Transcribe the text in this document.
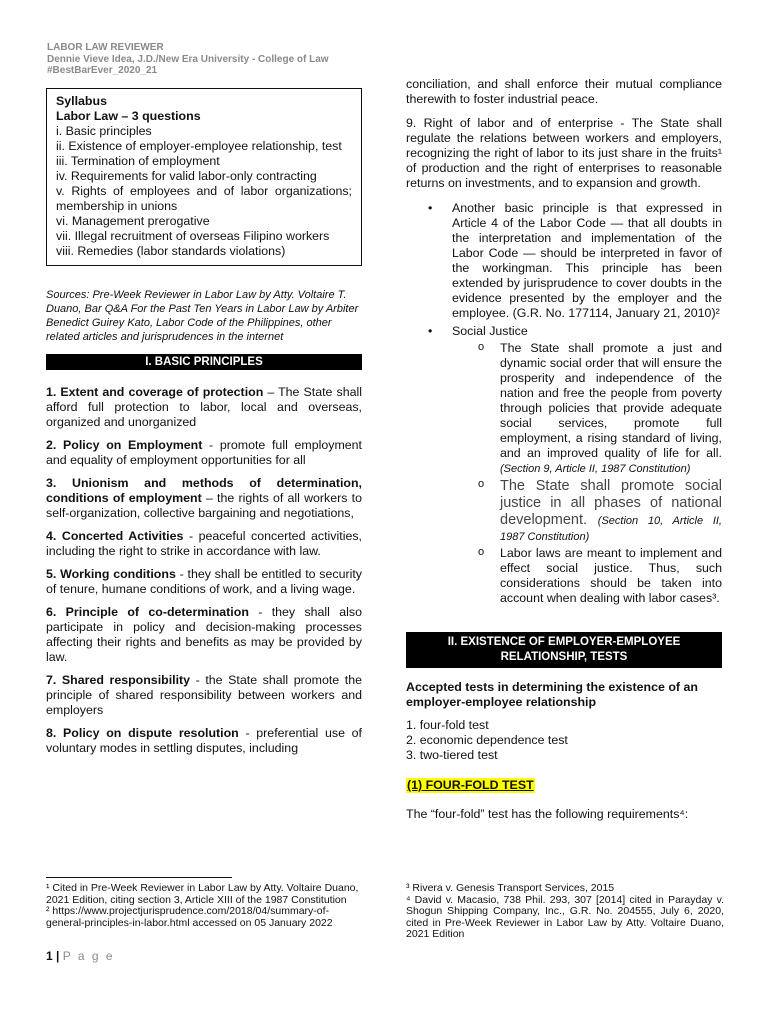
LABOR LAW REVIEWER
Dennie Vieve Idea, J.D./New Era University - College of Law
#BestBarEver_2020_21
Syllabus
Labor Law – 3 questions
i. Basic principles
ii. Existence of employer-employee relationship, test
iii. Termination of employment
iv. Requirements for valid labor-only contracting
v. Rights of employees and of labor organizations; membership in unions
vi. Management prerogative
vii. Illegal recruitment of overseas Filipino workers
viii. Remedies (labor standards violations)
Sources: Pre-Week Reviewer in Labor Law by Atty. Voltaire T. Duano, Bar Q&A For the Past Ten Years in Labor Law by Arbiter Benedict Guirey Kato, Labor Code of the Philippines, other related articles and jurisprudences in the internet
I. BASIC PRINCIPLES
1. Extent and coverage of protection – The State shall afford full protection to labor, local and overseas, organized and unorganized
2. Policy on Employment - promote full employment and equality of employment opportunities for all
3. Unionism and methods of determination, conditions of employment – the rights of all workers to self-organization, collective bargaining and negotiations,
4. Concerted Activities - peaceful concerted activities, including the right to strike in accordance with law.
5. Working conditions - they shall be entitled to security of tenure, humane conditions of work, and a living wage.
6. Principle of co-determination - they shall also participate in policy and decision-making processes affecting their rights and benefits as may be provided by law.
7. Shared responsibility - the State shall promote the principle of shared responsibility between workers and employers
8. Policy on dispute resolution - preferential use of voluntary modes in settling disputes, including
conciliation, and shall enforce their mutual compliance therewith to foster industrial peace.
9. Right of labor and of enterprise - The State shall regulate the relations between workers and employers, recognizing the right of labor to its just share in the fruits¹ of production and the right of enterprises to reasonable returns on investments, and to expansion and growth.
• Another basic principle is that expressed in Article 4 of the Labor Code — that all doubts in the interpretation and implementation of the Labor Code — should be interpreted in favor of the workingman. This principle has been extended by jurisprudence to cover doubts in the evidence presented by the employer and the employee. (G.R. No. 177114, January 21, 2010)²
• Social Justice
o The State shall promote a just and dynamic social order that will ensure the prosperity and independence of the nation and free the people from poverty through policies that provide adequate social services, promote full employment, a rising standard of living, and an improved quality of life for all. (Section 9, Article II, 1987 Constitution)
o The State shall promote social justice in all phases of national development. (Section 10, Article II, 1987 Constitution)
o Labor laws are meant to implement and effect social justice. Thus, such considerations should be taken into account when dealing with labor cases³.
II. EXISTENCE OF EMPLOYER-EMPLOYEE
RELATIONSHIP, TESTS
Accepted tests in determining the existence of an employer-employee relationship
1. four-fold test
2. economic dependence test
3. two-tiered test
(1) FOUR-FOLD TEST
The “four-fold” test has the following requirements⁴:
¹ Cited in Pre-Week Reviewer in Labor Law by Atty. Voltaire Duano, 2021 Edition, citing section 3, Article XIII of the 1987 Constitution
² https://www.projectjurisprudence.com/2018/04/summary-of-general-principles-in-labor.html accessed on 05 January 2022
³ Rivera v. Genesis Transport Services, 2015
⁴ David v. Macasio, 738 Phil. 293, 307 [2014] cited in Parayday v. Shogun Shipping Company, Inc., G.R. No. 204555, July 6, 2020, cited in Pre-Week Reviewer in Labor Law by Atty. Voltaire Duano, 2021 Edition
1 | P a g e
